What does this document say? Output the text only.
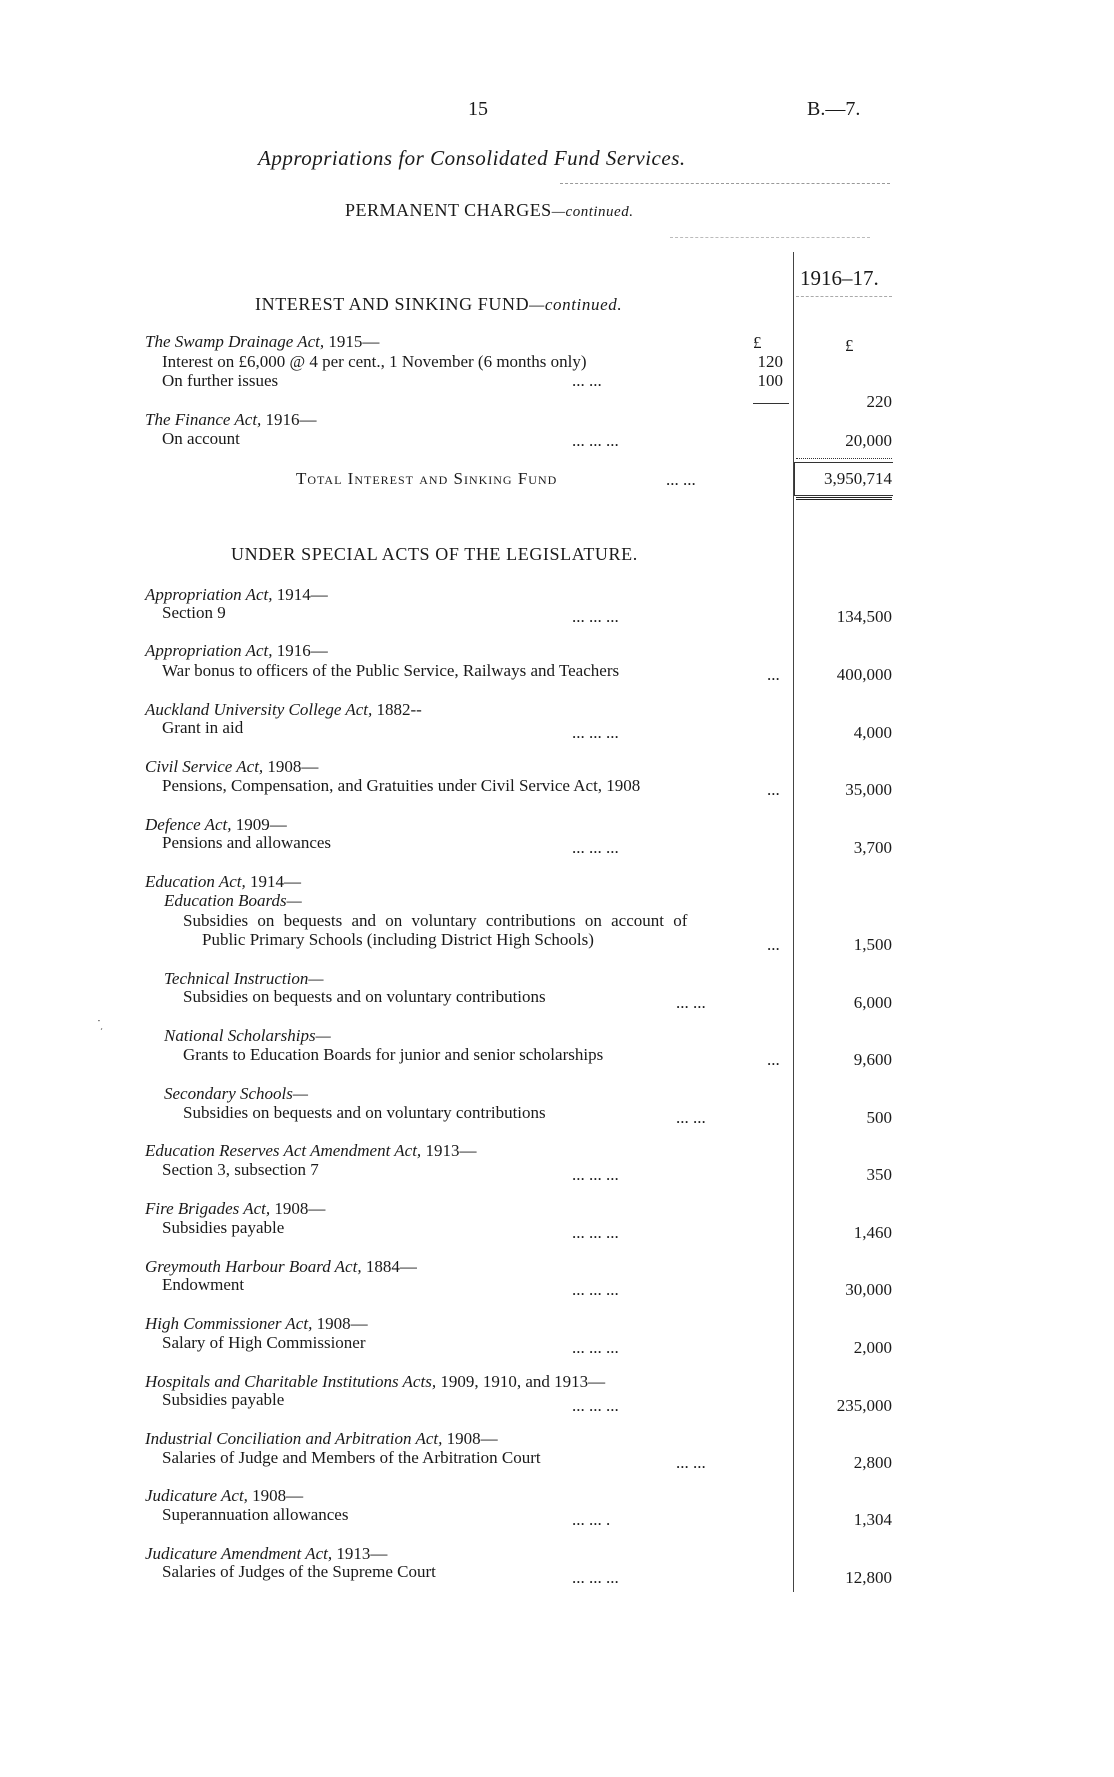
15	B.—7.
Appropriations for Consolidated Fund Services.
PERMANENT CHARGES—continued.
1916–17.
INTEREST AND SINKING FUND—continued.
£	£
The Swamp Drainage Act, 1915—
Interest on £6,000 @ 4 per cent., 1 November (6 months only)	120
On further issues	... ...	100
220
The Finance Act, 1916—
On account	... ... ...	20,000
Total Interest and Sinking Fund	... ...	3,950,714
UNDER SPECIAL ACTS OF THE LEGISLATURE.
Appropriation Act, 1914—
Section 9	... ... ...	134,500
Appropriation Act, 1916—
War bonus to officers of the Public Service, Railways and Teachers	...	400,000
Auckland University College Act, 1882--
Grant in aid	... ... ...	4,000
Civil Service Act, 1908—
Pensions, Compensation, and Gratuities under Civil Service Act, 1908	...	35,000
Defence Act, 1909—
Pensions and allowances	... ... ...	3,700
Education Act, 1914—
Education Boards—
Subsidies on bequests and on voluntary contributions on account of
Public Primary Schools (including District High Schools)	...	1,500
Technical Instruction—
Subsidies on bequests and on voluntary contributions	... ...	6,000
·ܼ
National Scholarships—
Grants to Education Boards for junior and senior scholarships	...	9,600
Secondary Schools—
Subsidies on bequests and on voluntary contributions	... ...	500
Education Reserves Act Amendment Act, 1913—
Section 3, subsection 7	... ... ...	350
Fire Brigades Act, 1908—
Subsidies payable	... ... ...	1,460
Greymouth Harbour Board Act, 1884—
Endowment	... ... ...	30,000
High Commissioner Act, 1908—
Salary of High Commissioner	... ... ...	2,000
Hospitals and Charitable Institutions Acts, 1909, 1910, and 1913—
Subsidies payable	... ... ...	235,000
Industrial Conciliation and Arbitration Act, 1908—
Salaries of Judge and Members of the Arbitration Court	... ...	2,800
Judicature Act, 1908—
Superannuation allowances	... ... .	1,304
Judicature Amendment Act, 1913—
Salaries of Judges of the Supreme Court	... ... ...	12,800
